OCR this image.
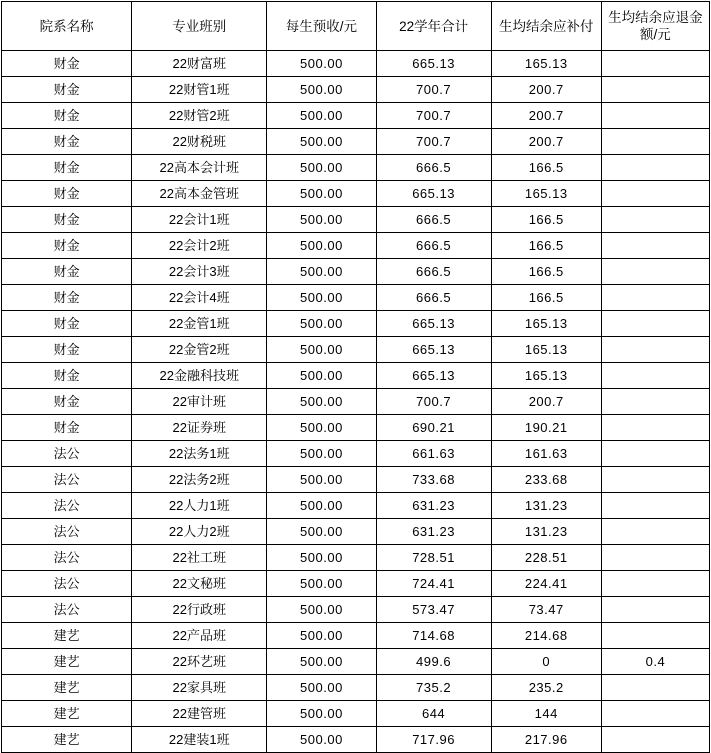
院系名称	专业班别	每生预收/元	22学年合计	生均结余应补付	生均结余应退金额/元
财金	22财富班	500.00	665.13	165.13	
财金	22财管1班	500.00	700.7	200.7	
财金	22财管2班	500.00	700.7	200.7	
财金	22财税班	500.00	700.7	200.7	
财金	22高本会计班	500.00	666.5	166.5	
财金	22高本金管班	500.00	665.13	165.13	
财金	22会计1班	500.00	666.5	166.5	
财金	22会计2班	500.00	666.5	166.5	
财金	22会计3班	500.00	666.5	166.5	
财金	22会计4班	500.00	666.5	166.5	
财金	22金管1班	500.00	665.13	165.13	
财金	22金管2班	500.00	665.13	165.13	
财金	22金融科技班	500.00	665.13	165.13	
财金	22审计班	500.00	700.7	200.7	
财金	22证券班	500.00	690.21	190.21	
法公	22法务1班	500.00	661.63	161.63	
法公	22法务2班	500.00	733.68	233.68	
法公	22人力1班	500.00	631.23	131.23	
法公	22人力2班	500.00	631.23	131.23	
法公	22社工班	500.00	728.51	228.51	
法公	22文秘班	500.00	724.41	224.41	
法公	22行政班	500.00	573.47	73.47	
建艺	22产品班	500.00	714.68	214.68	
建艺	22环艺班	500.00	499.6	0	0.4
建艺	22家具班	500.00	735.2	235.2	
建艺	22建管班	500.00	644	144	
建艺	22建装1班	500.00	717.96	217.96	
